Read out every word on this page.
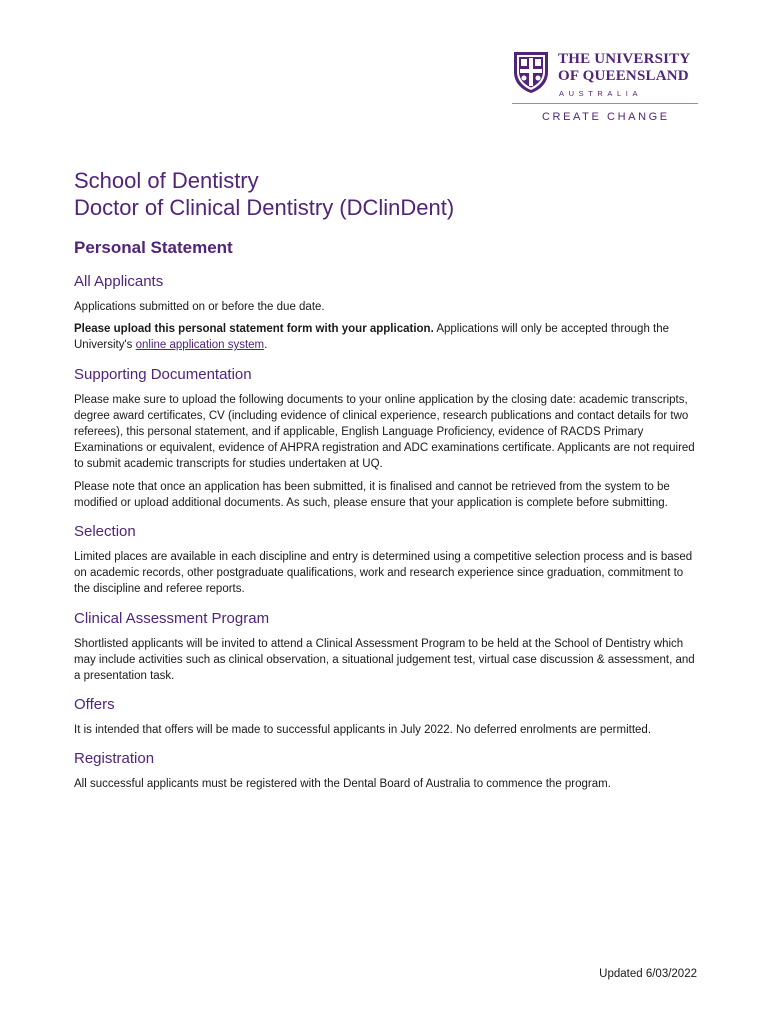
THE UNIVERSITY
OF QUEENSLAND
AUSTRALIA
CREATE CHANGE
School of Dentistry
Doctor of Clinical Dentistry (DClinDent)
Personal Statement
All Applicants

Applications submitted on or before the due date.

Please upload this personal statement form with your application. Applications will only be accepted through the University's online application system.

Supporting Documentation

Please make sure to upload the following documents to your online application by the closing date: academic transcripts, degree award certificates, CV (including evidence of clinical experience, research publications and contact details for two referees), this personal statement, and if applicable, English Language Proficiency, evidence of RACDS Primary Examinations or equivalent, evidence of AHPRA registration and ADC examinations certificate. Applicants are not required to submit academic transcripts for studies undertaken at UQ.

Please note that once an application has been submitted, it is finalised and cannot be retrieved from the system to be modified or upload additional documents. As such, please ensure that your application is complete before submitting.

Selection

Limited places are available in each discipline and entry is determined using a competitive selection process and is based on academic records, other postgraduate qualifications, work and research experience since graduation, commitment to the discipline and referee reports.

Clinical Assessment Program

Shortlisted applicants will be invited to attend a Clinical Assessment Program to be held at the School of Dentistry which may include activities such as clinical observation, a situational judgement test, virtual case discussion & assessment, and a presentation task.

Offers

It is intended that offers will be made to successful applicants in July 2022. No deferred enrolments are permitted.

Registration

All successful applicants must be registered with the Dental Board of Australia to commence the program.

Updated 6/03/2022
